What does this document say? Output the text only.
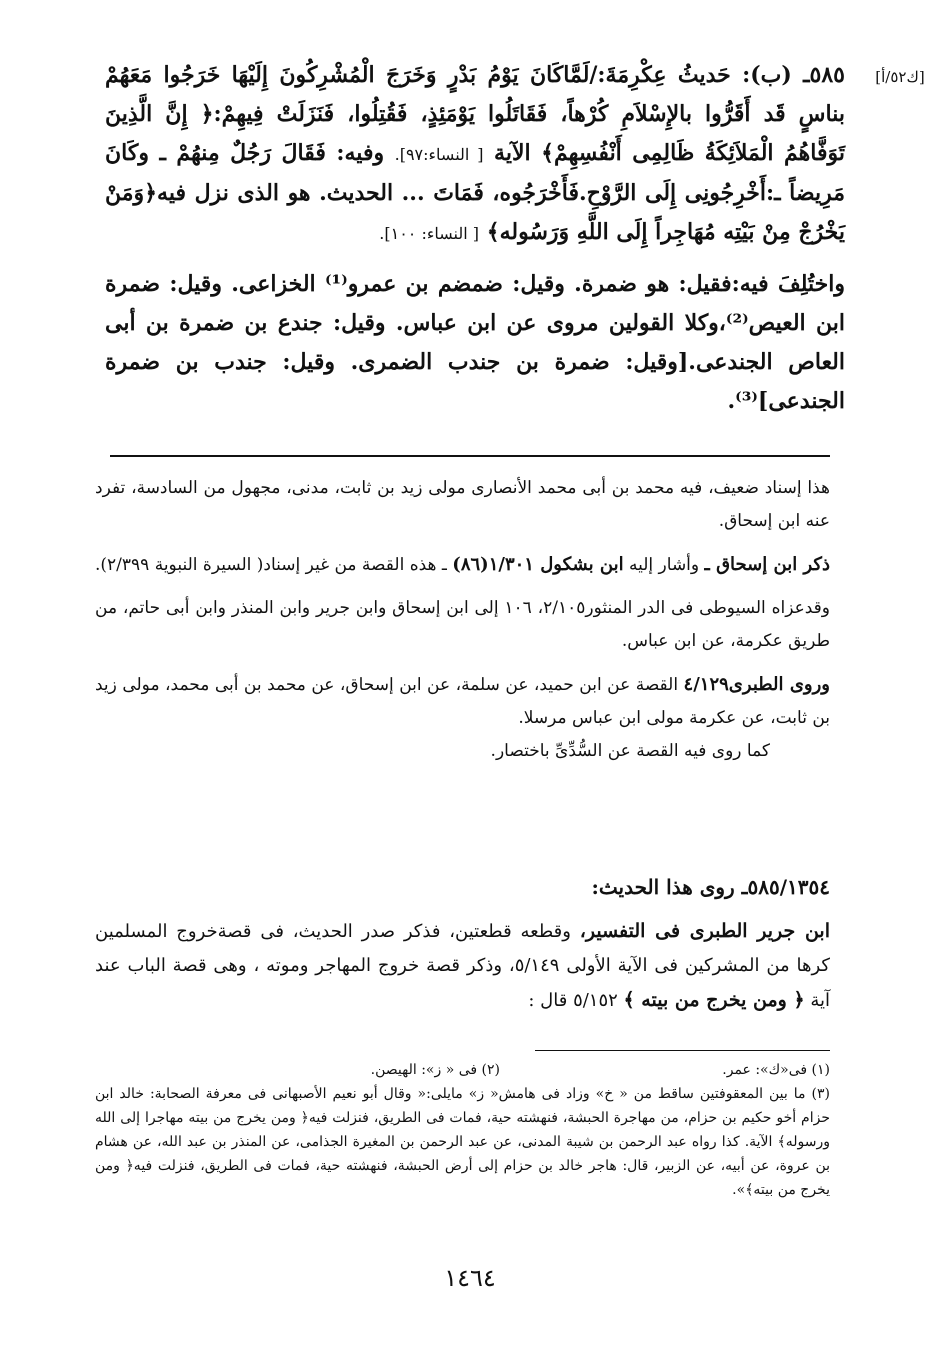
[ك٥٢/أ]

٥٨٥ـ (ب): حَديثُ عِكْرِمَةَ:/لَمَّاكَانَ يَوْمُ بَدْرٍ وَخَرَجَ الْمُشْرِكُونَ إِلَيْهَا خَرَجُوا مَعَهُمْ بناسٍ قَد أَقَرُّوا بالإِسْلاَمِ كُرْهاً، فَقَاتَلُوا يَوْمَئِذٍ، فَقُتِلُوا، فَنَزَلَتْ فِيهِمْ:﴿ إِنَّ الَّذِينَ تَوَفَّاهُمُ الْمَلاَئِكَةُ ظَالِمِى أَنْفُسِهِمْ﴾ الآية [ النساء:٩٧]. وفيه: فَقَالَ رَجُلٌ مِنهُمْ ـ وكَانَ مَرِيضاً ـ:أَخْرِجُونِى إِلَى الرَّوْحِ.فَأَخْرَجُوه، فَمَاتَ ... الحديث. هو الذى نزل فيه﴿وَمَنْ يَخْرُجْ مِنْ بَيْتِه مُهَاجِراً إِلَى اللَّهِ وَرَسُوله﴾ [ النساء: ١٠٠].

واختُلِفَ فيه:فقيل: هو ضمرة. وقيل: ضمضم بن عمرو⁽¹⁾ الخزاعى. وقيل: ضمرة ابن العيص⁽²⁾،وكلا القولين مروى عن ابن عباس. وقيل: جندع بن ضمرة بن أبى العاص الجندعى.[وقيل: ضمرة بن جندب الضمرى. وقيل: جندب بن ضمرة الجندعى]⁽³⁾.

هذا إسناد ضعيف، فيه محمد بن أبى محمد الأنصارى مولى زيد بن ثابت، مدنى، مجهول من السادسة، تفرد عنه ابن إسحاق.

ذكر ابن إسحاق ـ وأشار إليه ابن بشكول ١/٣٠١(٨٦) ـ هذه القصة من غير إسناد( السيرة النبوية ٢/٣٩٩).

وقدعزاه السيوطى فى الدر المنثور٢/١٠٥، ١٠٦ إلى ابن إسحاق وابن جرير وابن المنذر وابن أبى حاتم، من طريق عكرمة، عن ابن عباس.

وروى الطبرى٤/١٢٩ القصة عن ابن حميد، عن سلمة، عن ابن إسحاق، عن محمد بن أبى محمد، مولى زيد بن ثابت، عن عكرمة مولى ابن عباس مرسلا.

كما روى فيه القصة عن السُّدِّىِّ باختصار.

٥٨٥/١٣٥٤ـ روى هذا الحديث:

ابن جرير الطبرى فى التفسير، وقطعه قطعتين، فذكر صدر الحديث، فى قصةخروج المسلمين كرها من المشركين فى الآية الأولى ٥/١٤٩، وذكر قصة خروج المهاجر وموته ، وهى قصة الباب عند آية ﴿ ومن يخرج من بيته ﴾ ٥/١٥٢ قال :

(١) فى«ك»: عمر.
(٢) فى « ز»: الهيصن.

(٣) ما بين المعقوفتين ساقط من « خ» وزاد فى هامش« ز» مايلى:« وقال أبو نعيم الأصبهانى فى معرفة الصحابة: خالد ابن حزام أخو حكيم بن حزام، من مهاجرة الحبشة، فنهشته حية، فمات فى الطريق، فنزلت فيه﴿ ومن يخرج من بيته مهاجرا إلى الله ورسوله﴾ الآية. كذا رواه عبد الرحمن بن شيبة المدنى، عن عبد الرحمن بن المغيرة الجذامى، عن المنذر بن عبد الله، عن هشام بن عروة، عن أبيه، عن الزبير، قال: هاجر خالد بن حزام إلى أرض الحبشة، فنهشته حية، فمات فى الطريق، فنزلت فيه﴿ ومن يخرج من بيته﴾».

١٤٦٤
